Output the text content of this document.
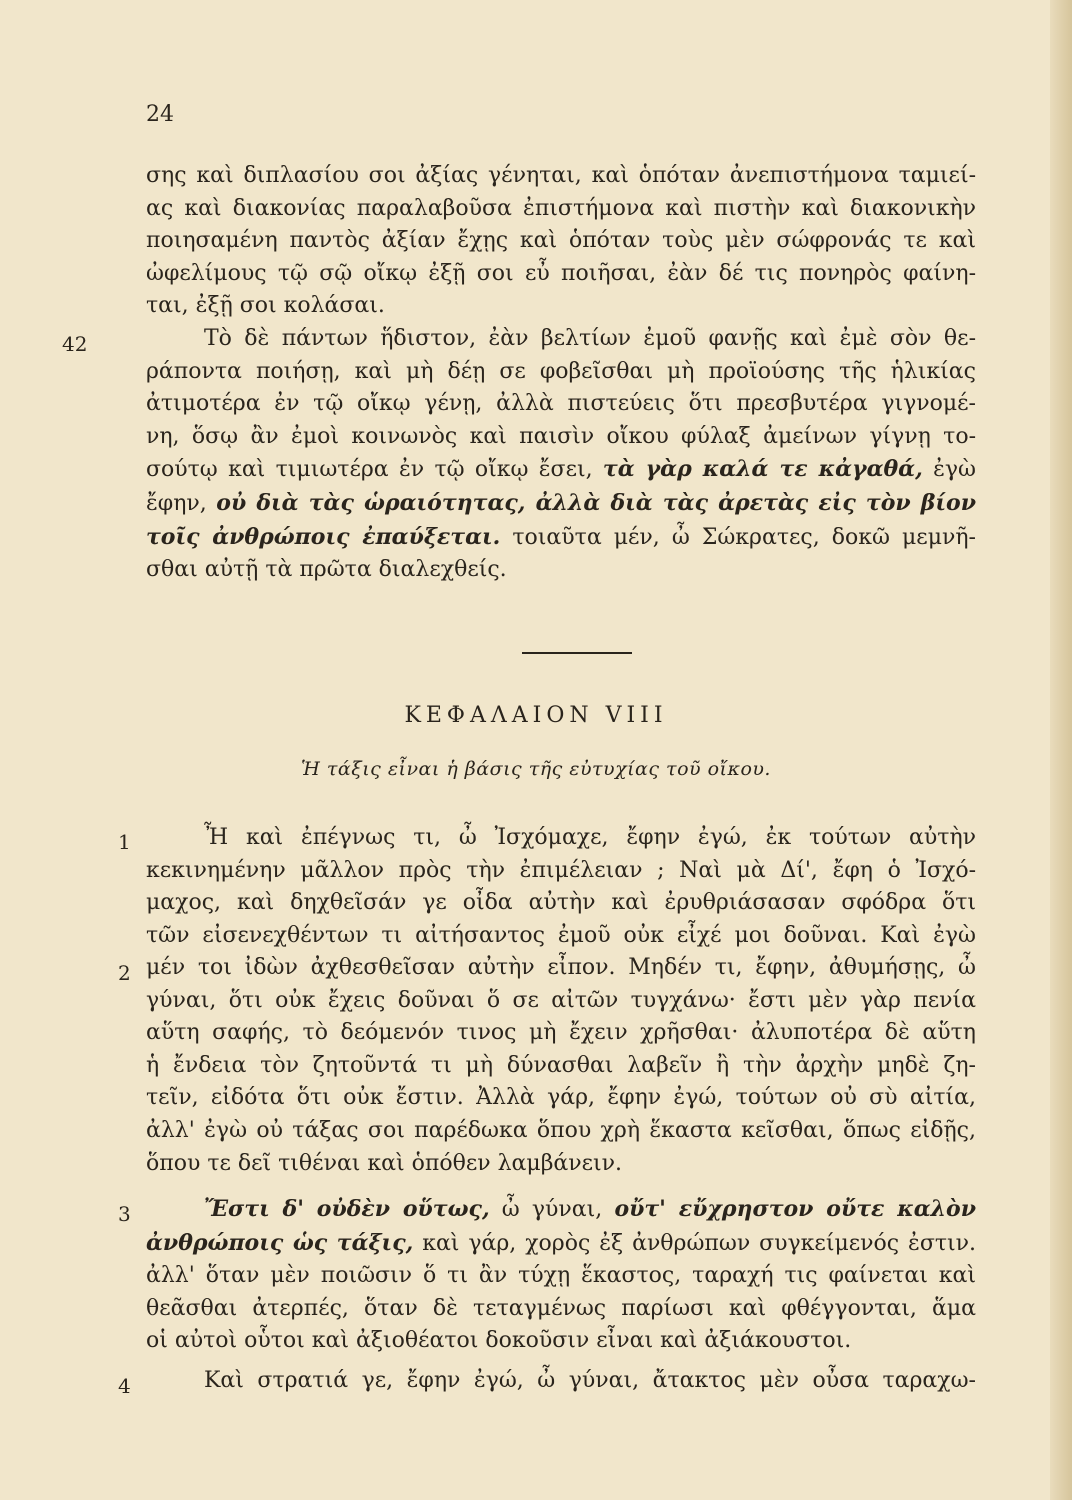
24
σης καὶ διπλασίου σοι ἀξίας γένηται, καὶ ὁπόταν ἀνεπιστήμονα ταμιεί-
ας καὶ διακονίας παραλαβοῦσα ἐπιστήμονα καὶ πιστὴν καὶ διακονικὴν
ποιησαμένη παντὸς ἀξίαν ἔχῃς καὶ ὁπόταν τοὺς μὲν σώφρονάς τε καὶ
ὠφελίμους τῷ σῷ οἴκῳ ἐξῇ σοι εὖ ποιῆσαι, ἐὰν δέ τις πονηρὸς φαίνη-
ται, ἐξῇ σοι κολάσαι.
42	Τὸ δὲ πάντων ἥδιστον, ἐὰν βελτίων ἐμοῦ φανῇς καὶ ἐμὲ σὸν θε-
ράποντα ποιήσῃ, καὶ μὴ δέῃ σε φοβεῖσθαι μὴ προϊούσης τῆς ἡλικίας
ἀτιμοτέρα ἐν τῷ οἴκῳ γένῃ, ἀλλὰ πιστεύεις ὅτι πρεσβυτέρα γιγνομέ-
νη, ὅσῳ ἂν ἐμοὶ κοινωνὸς καὶ παισὶν οἴκου φύλαξ ἀμείνων γίγνῃ το-
σούτῳ καὶ τιμιωτέρα ἐν τῷ οἴκῳ ἔσει, τὰ γὰρ καλά τε κἀγαθά, ἐγὼ
ἔφην, οὐ διὰ τὰς ὡραιότητας, ἀλλὰ διὰ τὰς ἀρετὰς εἰς τὸν βίον
τοῖς ἀνθρώποις ἐπαύξεται. τοιαῦτα μέν, ὦ Σώκρατες, δοκῶ μεμνῆ-
σθαι αὐτῇ τὰ πρῶτα διαλεχθείς.
ΚΕΦΑΛΑΙΟΝ VIII
Ἡ τάξις εἶναι ἡ βάσις τῆς εὐτυχίας τοῦ οἴκου.
1	Ἦ καὶ ἐπέγνως τι, ὦ Ἰσχόμαχε, ἔφην ἐγώ, ἐκ τούτων αὐτὴν
κεκινημένην μᾶλλον πρὸς τὴν ἐπιμέλειαν ; Ναὶ μὰ Δί', ἔφη ὁ Ἰσχό-
μαχος, καὶ δηχθεῖσάν γε οἶδα αὐτὴν καὶ ἐρυθριάσασαν σφόδρα ὅτι
τῶν εἰσενεχθέντων τι αἰτήσαντος ἐμοῦ οὐκ εἶχέ μοι δοῦναι. Καὶ ἐγὼ
2 μέν τοι ἰδὼν ἀχθεσθεῖσαν αὐτὴν εἶπον. Μηδέν τι, ἔφην, ἀθυμήσῃς, ὦ
γύναι, ὅτι οὐκ ἔχεις δοῦναι ὅ σε αἰτῶν τυγχάνω· ἔστι μὲν γὰρ πενία
αὕτη σαφής, τὸ δεόμενόν τινος μὴ ἔχειν χρῆσθαι· ἀλυποτέρα δὲ αὕτη
ἡ ἔνδεια τὸν ζητοῦντά τι μὴ δύνασθαι λαβεῖν ἢ τὴν ἀρχὴν μηδὲ ζη-
τεῖν, εἰδότα ὅτι οὐκ ἔστιν. Ἀλλὰ γάρ, ἔφην ἐγώ, τούτων οὐ σὺ αἰτία,
ἀλλ' ἐγὼ οὐ τάξας σοι παρέδωκα ὅπου χρὴ ἕκαστα κεῖσθαι, ὅπως εἰδῇς,
ὅπου τε δεῖ τιθέναι καὶ ὁπόθεν λαμβάνειν.
3	Ἔστι δ' οὐδὲν οὕτως, ὦ γύναι, οὔτ' εὔχρηστον οὔτε καλὸν
ἀνθρώποις ὡς τάξις, καὶ γάρ, χορὸς ἐξ ἀνθρώπων συγκείμενός ἐστιν.
ἀλλ' ὅταν μὲν ποιῶσιν ὅ τι ἂν τύχῃ ἕκαστος, ταραχή τις φαίνεται καὶ
θεᾶσθαι ἀτερπές, ὅταν δὲ τεταγμένως παρίωσι καὶ φθέγγονται, ἅμα
οἱ αὐτοὶ οὗτοι καὶ ἀξιοθέατοι δοκοῦσιν εἶναι καὶ ἀξιάκουστοι.
4	Καὶ στρατιά γε, ἔφην ἐγώ, ὦ γύναι, ἄτακτος μὲν οὖσα ταραχω-
